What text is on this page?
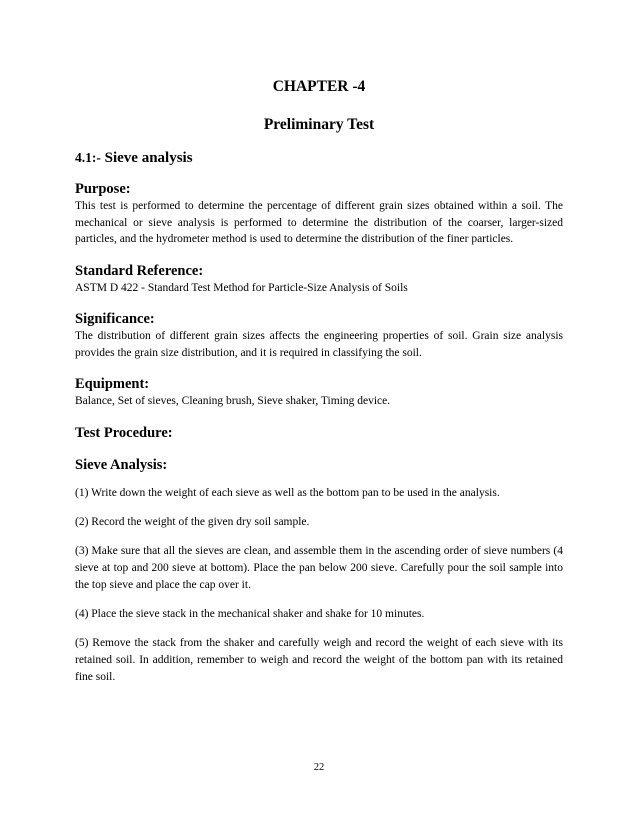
CHAPTER -4

Preliminary Test

4.1:- Sieve analysis

Purpose:

This test is performed to determine the percentage of different grain sizes obtained within a soil. The mechanical or sieve analysis is performed to determine the distribution of the coarser, larger-sized particles, and the hydrometer method is used to determine the distribution of the finer particles.

Standard Reference:

ASTM D 422 - Standard Test Method for Particle-Size Analysis of Soils

Significance:

The distribution of different grain sizes affects the engineering properties of soil. Grain size analysis provides the grain size distribution, and it is required in classifying the soil.

Equipment:

Balance, Set of sieves, Cleaning brush, Sieve shaker, Timing device.

Test Procedure:

Sieve Analysis:

(1) Write down the weight of each sieve as well as the bottom pan to be used in the analysis.

(2) Record the weight of the given dry soil sample.

(3) Make sure that all the sieves are clean, and assemble them in the ascending order of sieve numbers (4 sieve at top and 200 sieve at bottom). Place the pan below 200 sieve. Carefully pour the soil sample into the top sieve and place the cap over it.

(4) Place the sieve stack in the mechanical shaker and shake for 10 minutes.

(5) Remove the stack from the shaker and carefully weigh and record the weight of each sieve with its retained soil. In addition, remember to weigh and record the weight of the bottom pan with its retained fine soil.

22
